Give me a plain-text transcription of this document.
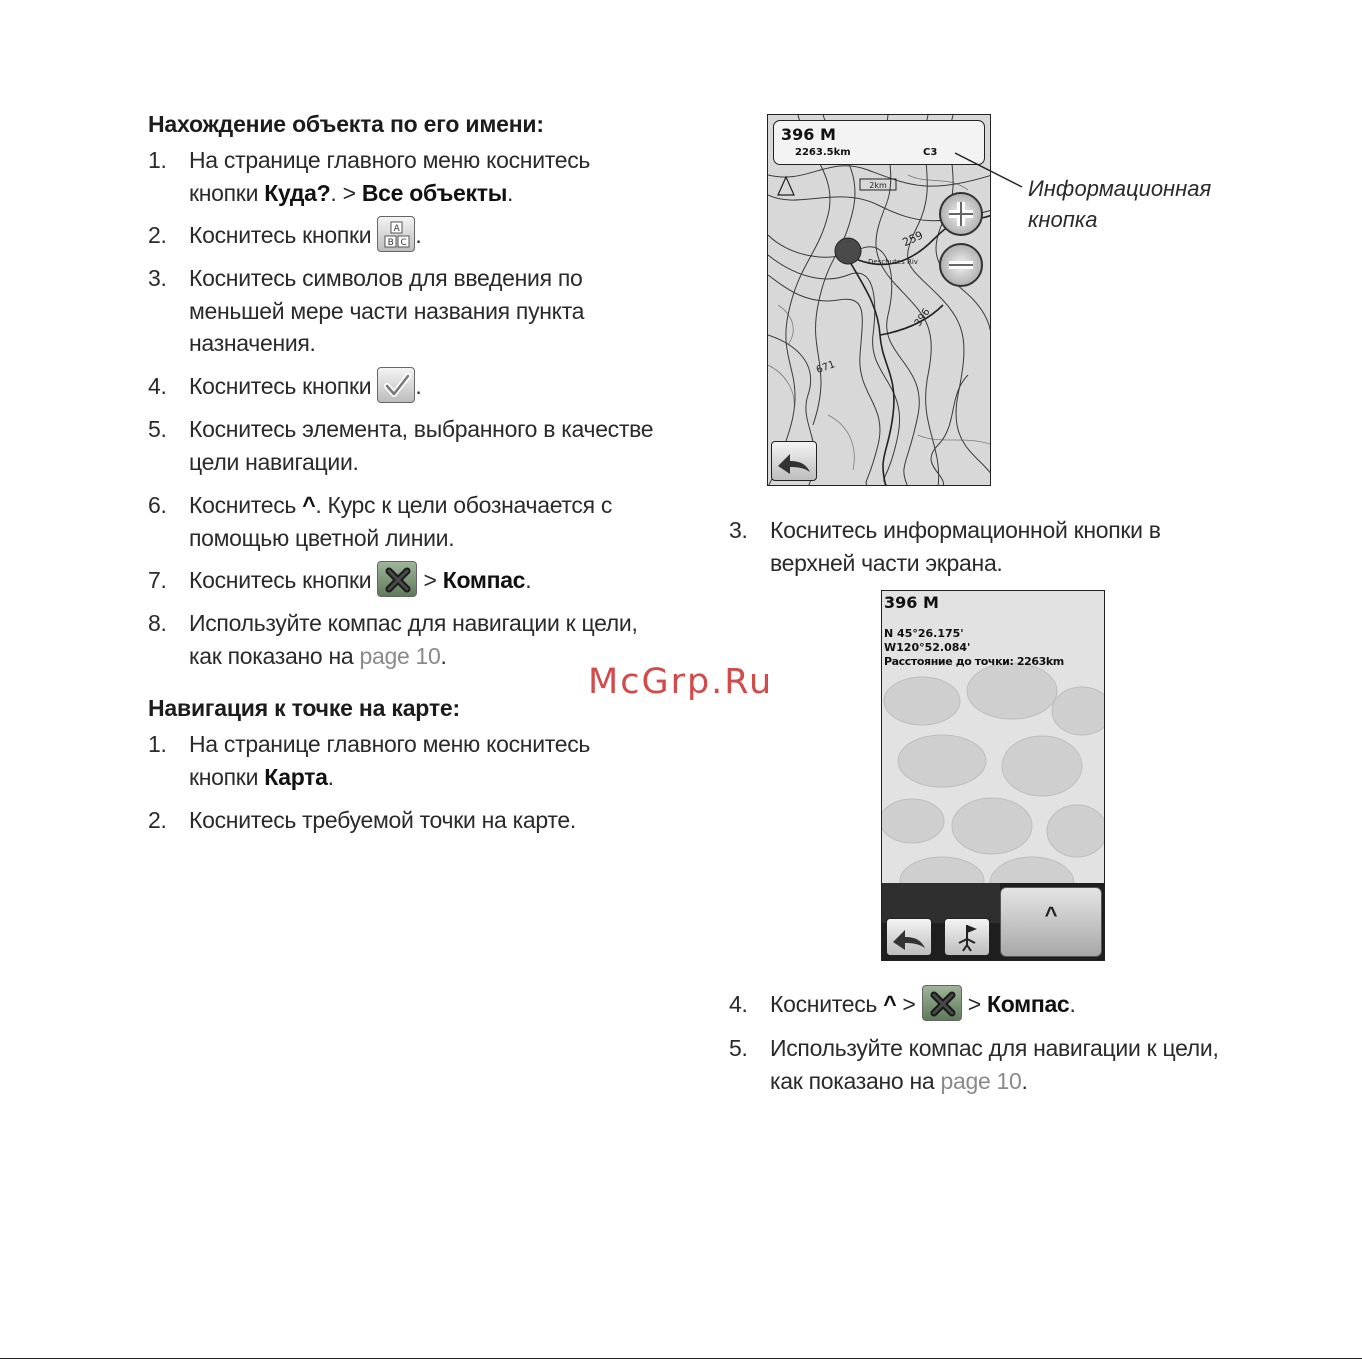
Нахождение объекта по его имени:
1. На странице главного меню коснитесь
кнопки Куда?. > Все объекты.
2. Коснитесь кнопки A
B C .
3. Коснитесь символов для введения по
меньшей мере части названия пункта
назначения.
4. Коснитесь кнопки .
5. Коснитесь элемента, выбранного в качестве
цели навигации.
6. Коснитесь ^. Курс к цели обозначается с
помощью цветной линии.
7. Коснитесь кнопки  > Компас.
8. Используйте компас для навигации к цели,
как показано на page 10.
Навигация к точке на карте:
1. На странице главного меню коснитесь
кнопки Карта.
2. Коснитесь требуемой точки на карте.
McGrp.Ru
2km
259
396
671
Deschutes Riv
396 M
2263.5km	C3
Информационная
кнопка
3. Коснитесь информационной кнопки в
верхней части экрана.
396 M
N 45°26.175'
W120°52.084'
Расстояние до точки: 2263km
^
4. Коснитесь ^ >  > Компас.
5. Используйте компас для навигации к цели,
как показано на page 10.
